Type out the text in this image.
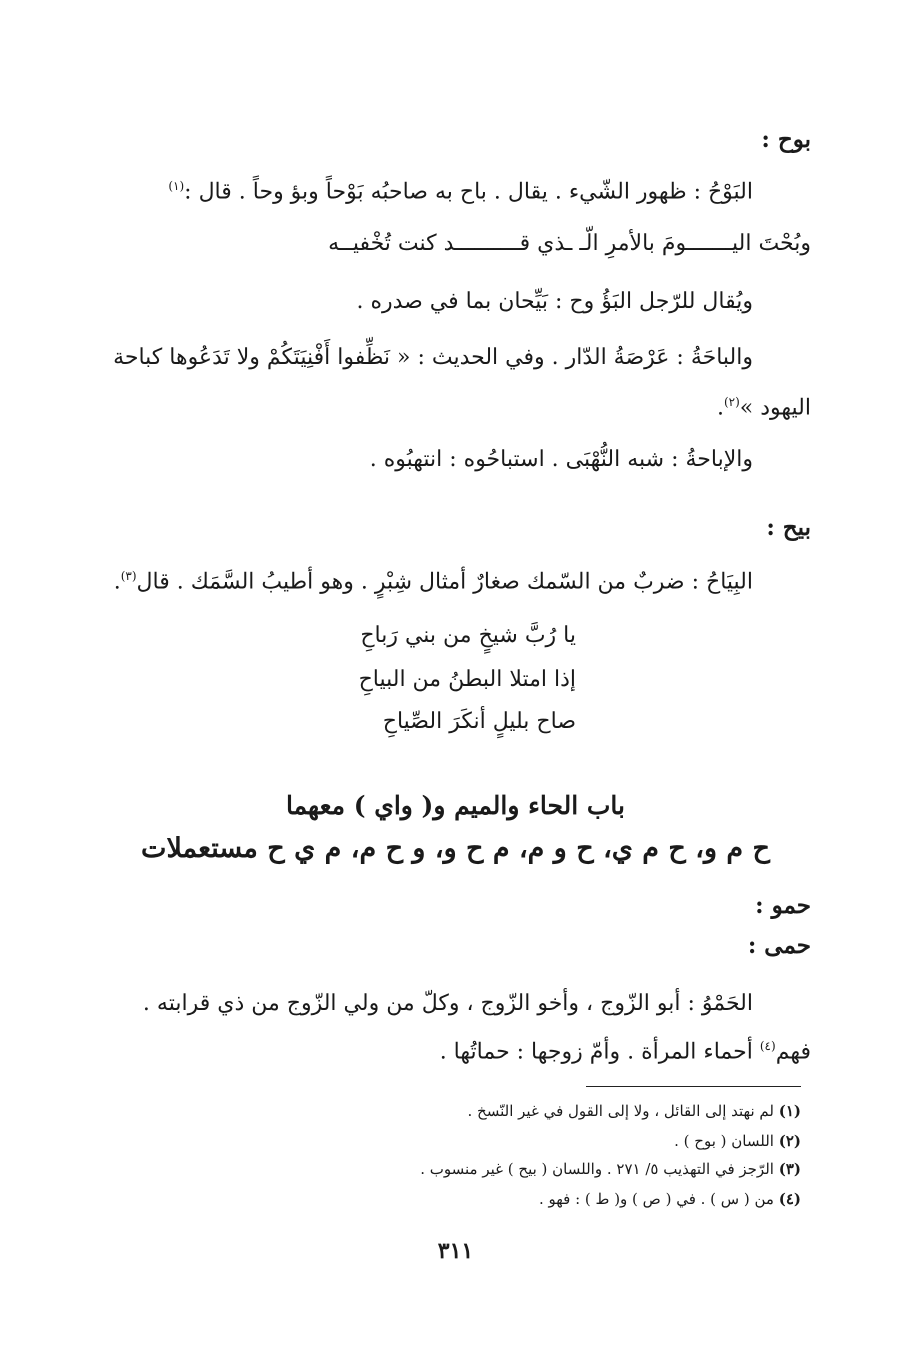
بوح :
البَوْحُ : ظهور الشّيء . يقال . باح به صاحبُه بَوْحاً وبؤ وحاً . قال :$^{(١)}$
وبُحْتَ اليـــــــومَ بالأمرِ الّـ ـذي قــــــــــد كنت تُخْفيــه
ويُقال للرّجل البَؤُ وح : بَيِّحان بما في صدره .
والباحَةُ : عَرْصَةُ الدّار . وفي الحديث : « نَظِّفوا أَفْنِيَتَكُمْ ولا تَدَعُوها كباحة
اليهود »$^{(٢)}$.
والإباحةُ : شبه النُّهْبَى . استباحُوه : انتهبُوه .
بيح :
البِيَاحُ : ضربٌ من السّمك صغارٌ أمثال شِبْرٍ . وهو أطيبُ السَّمَك . قال$^{(٣)}$.
يا رُبَّ شيخٍ من بني رَباحِ
إذا امتلا البطنُ من البياحِ
صاح بليلٍ أنكَرَ الصِّياحِ
باب الحاء والميم و( واي ) معهما
ح م و، ح م ي، ح و م، م ح و، و ح م، م ي ح مستعملات
حمو :
حمى :
الحَمْوُ : أبو الزّوج ، وأخو الزّوج ، وكلّ من ولي الزّوج من ذي قرابته .
فهم$^{(٤)}$ أحماء المرأة . وأمّ زوجها : حماتُها .
(١) لم نهتد إلى القائل ، ولا إلى القول في غير النّسخ .
(٢) اللسان ( بوح ) .
(٣) الرّجز في التهذيب ٥/ ٢٧١ . واللسان ( بيح ) غير منسوب .
(٤) من ( س ) . في ( ص ) و( ط ) : فهو .
٣١١
